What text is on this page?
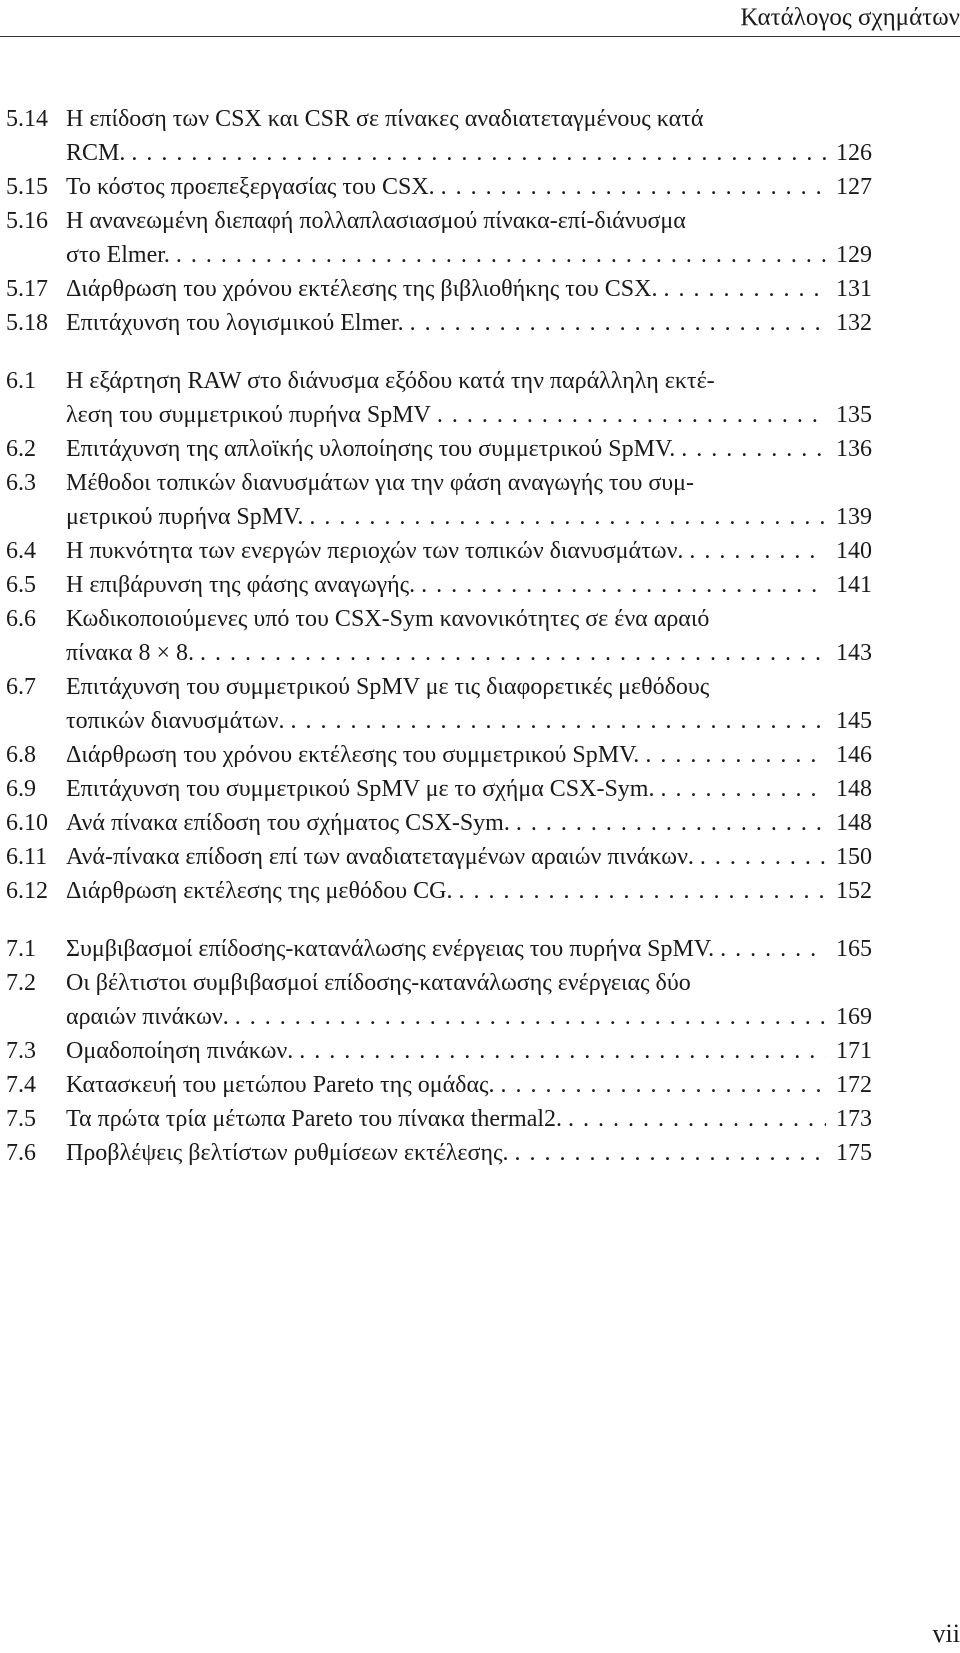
Κατάλογος σχημάτων
5.14 Η επίδοση των CSX και CSR σε πίνακες αναδιατεταγμένους κατά
RCM. . . .	126
5.15 Το κόστος προεπεξεργασίας του CSX. . . .	127
5.16 Η ανανεωμένη διεπαφή πολλαπλασιασμού πίνακα-επί-διάνυσμα
στο Elmer. . . .	129
5.17 Διάρθρωση του χρόνου εκτέλεσης της βιβλιοθήκης του CSX. . . .	131
5.18 Επιτάχυνση του λογισμικού Elmer. . . .	132
6.1	Η εξάρτηση RAW στο διάνυσμα εξόδου κατά την παράλληλη εκτέ-
λεση του συμμετρικού πυρήνα SpMV . . .	135
6.2	Επιτάχυνση της απλοϊκής υλοποίησης του συμμετρικού SpMV. . . .	136
6.3	Μέθοδοι τοπικών διανυσμάτων για την φάση αναγωγής του συμ-
μετρικού πυρήνα SpMV. . . .	139
6.4	Η πυκνότητα των ενεργών περιοχών των τοπικών διανυσμάτων. . . .	140
6.5	Η επιβάρυνση της φάσης αναγωγής. . . .	141
6.6	Κωδικοποιούμενες υπό του CSX-Sym κανονικότητες σε ένα αραιό
πίνακα 8 × 8. . . .	143
6.7	Επιτάχυνση του συμμετρικού SpMV με τις διαφορετικές μεθόδους
τοπικών διανυσμάτων. . . .	145
6.8	Διάρθρωση του χρόνου εκτέλεσης του συμμετρικού SpMV. . . .	146
6.9	Επιτάχυνση του συμμετρικού SpMV με το σχήμα CSX-Sym. . . .	148
6.10 Ανά πίνακα επίδοση του σχήματος CSX-Sym. . . .	148
6.11 Ανά-πίνακα επίδοση επί των αναδιατεταγμένων αραιών πινάκων. . . .	150
6.12 Διάρθρωση εκτέλεσης της μεθόδου CG. . . .	152
7.1	Συμβιβασμοί επίδοσης-κατανάλωσης ενέργειας του πυρήνα SpMV. . . .	165
7.2	Οι βέλτιστοι συμβιβασμοί επίδοσης-κατανάλωσης ενέργειας δύο
αραιών πινάκων. . . .	169
7.3	Ομαδοποίηση πινάκων. . . .	171
7.4	Κατασκευή του μετώπου Pareto της ομάδας. . . .	172
7.5	Τα πρώτα τρία μέτωπα Pareto του πίνακα thermal2. . . .	173
7.6	Προβλέψεις βελτίστων ρυθμίσεων εκτέλεσης. . . .	175
vii
